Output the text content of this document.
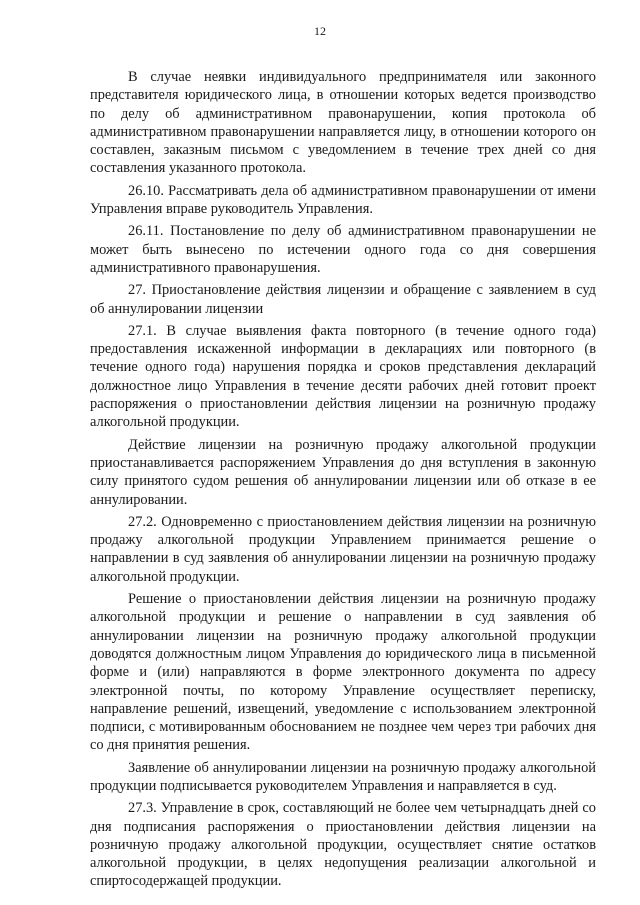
12

В случае неявки индивидуального предпринимателя или законного представителя юридического лица, в отношении которых ведется производство по делу об административном правонарушении, копия протокола об административном правонарушении направляется лицу, в отношении которого он составлен, заказным письмом с уведомлением в течение трех дней со дня составления указанного протокола.

26.10. Рассматривать дела об административном правонарушении от имени Управления вправе руководитель Управления.

26.11. Постановление по делу об административном правонарушении не может быть вынесено по истечении одного года со дня совершения административного правонарушения.

27. Приостановление действия лицензии и обращение с заявлением в суд об аннулировании лицензии

27.1. В случае выявления факта повторного (в течение одного года) предоставления искаженной информации в декларациях или повторного (в течение одного года) нарушения порядка и сроков представления деклараций должностное лицо Управления в течение десяти рабочих дней готовит проект распоряжения о приостановлении действия лицензии на розничную продажу алкогольной продукции.

Действие лицензии на розничную продажу алкогольной продукции приостанавливается распоряжением Управления до дня вступления в законную силу принятого судом решения об аннулировании лицензии или об отказе в ее аннулировании.

27.2. Одновременно с приостановлением действия лицензии на розничную продажу алкогольной продукции Управлением принимается решение о направлении в суд заявления об аннулировании лицензии на розничную продажу алкогольной продукции.

Решение о приостановлении действия лицензии на розничную продажу алкогольной продукции и решение о направлении в суд заявления об аннулировании лицензии на розничную продажу алкогольной продукции доводятся должностным лицом Управления до юридического лица в письменной форме и (или) направляются в форме электронного документа по адресу электронной почты, по которому Управление осуществляет переписку, направление решений, извещений, уведомление с использованием электронной подписи, с мотивированным обоснованием не позднее чем через три рабочих дня со дня принятия решения.

Заявление об аннулировании лицензии на розничную продажу алкогольной продукции подписывается руководителем Управления и направляется в суд.

27.3. Управление в срок, составляющий не более чем четырнадцать дней со дня подписания распоряжения о приостановлении действия лицензии на розничную продажу алкогольной продукции, осуществляет снятие остатков алкогольной продукции, в целях недопущения реализации алкогольной и спиртосодержащей продукции.
